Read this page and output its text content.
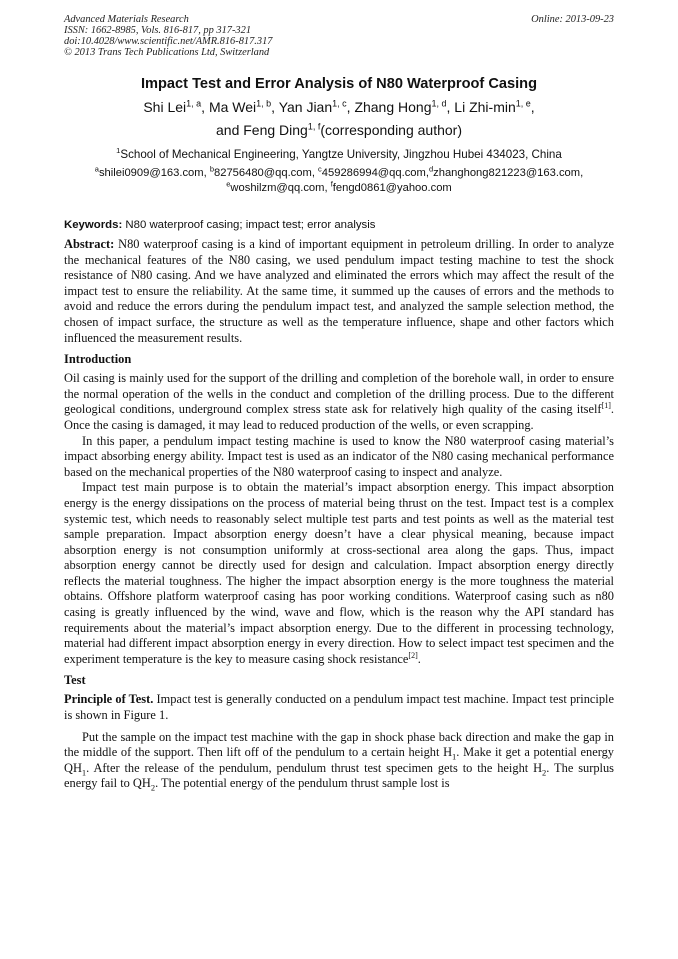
Advanced Materials Research
ISSN: 1662-8985, Vols. 816-817, pp 317-321
doi:10.4028/www.scientific.net/AMR.816-817.317
© 2013 Trans Tech Publications Ltd, Switzerland
Online: 2013-09-23
Impact Test and Error Analysis of N80 Waterproof Casing
Shi Lei$^{1, a}$, Ma Wei$^{1, b}$, Yan Jian$^{1, c}$, Zhang Hong$^{1, d}$, Li Zhi-$\min^{1, e}$,
and Feng Ding$^{1, f}$(corresponding author)
$^1$School of Mechanical Engineering, Yangtze University, Jingzhou Hubei 434023, China
$^a$shilei0909@163.com, $^b$82756480@qq.com, $^c$459286994@qq.com,$^d$zhanghong821223@163.com,
$^e$woshilzm@qq.com, $^f$fengd0861@yahoo.com
Keywords: N80 waterproof casing; impact test; error analysis

Abstract: N80 waterproof casing is a kind of important equipment in petroleum drilling. In order to analyze the mechanical features of the N80 casing, we used pendulum impact testing machine to test the shock resistance of N80 casing. And we have analyzed and eliminated the errors which may affect the result of the impact test to ensure the reliability. At the same time, it summed up the causes of errors and the methods to avoid and reduce the errors during the pendulum impact test, and analyzed the sample selection method, the chosen of impact surface, the structure as well as the temperature influence, shape and other factors which influenced the measurement results.

Introduction

Oil casing is mainly used for the support of the drilling and completion of the borehole wall, in order to ensure the normal operation of the wells in the conduct and completion of the drilling process. Due to the different geological conditions, underground complex stress state ask for relatively high quality of the casing itself[1]. Once the casing is damaged, it may lead to reduced production of the wells, or even scrapping.

In this paper, a pendulum impact testing machine is used to know the N80 waterproof casing material’s impact absorbing energy ability. Impact test is used as an indicator of the N80 casing mechanical performance based on the mechanical properties of the N80 waterproof casing to inspect and analyze.

Impact test main purpose is to obtain the material’s impact absorption energy. This impact absorption energy is the energy dissipations on the process of material being thrust on the test. Impact test is a complex systemic test, which needs to reasonably select multiple test parts and test points as well as the material test sample preparation. Impact absorption energy doesn’t have a clear physical meaning, because impact absorption energy is not consumption uniformly at cross-sectional area along the gaps. Thus, impact absorption energy cannot be directly used for design and calculation. Impact absorption energy directly reflects the material toughness. The higher the impact absorption energy is the more toughness the material obtains. Offshore platform waterproof casing has poor working conditions. Waterproof casing such as n80 casing is greatly influenced by the wind, wave and flow, which is the reason why the API standard has requirements about the material’s impact absorption energy. Due to the different in processing technology, material had different impact absorption energy in every direction. How to select impact test specimen and the experiment temperature is the key to measure casing shock resistance[2].

Test

Principle of Test. Impact test is generally conducted on a pendulum impact test machine. Impact test principle is shown in Figure 1.

Put the sample on the impact test machine with the gap in shock phase back direction and make the gap in the middle of the support. Then lift off of the pendulum to a certain height $H_1$. Make it get a potential energy $QH_1$. After the release of the pendulum, pendulum thrust test specimen gets to the height $H_2$. The surplus energy fail to $QH_2$. The potential energy of the pendulum thrust sample lost is
